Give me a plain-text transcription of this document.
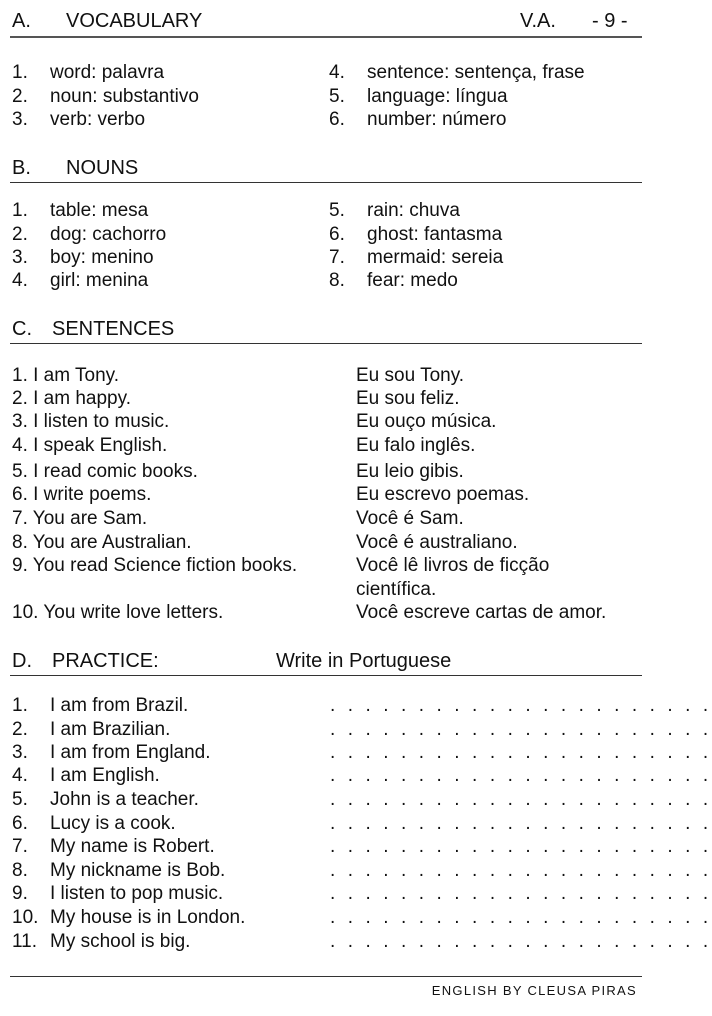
A. VOCABULARY	V.A. - 9 -
1. word: palavra
2. noun: substantivo
3. verb: verbo
4. sentence: sentença, frase
5. language: língua
6. number: número
B. NOUNS
1. table: mesa
2. dog: cachorro
3. boy: menino
4. girl: menina
5. rain: chuva
6. ghost: fantasma
7. mermaid: sereia
8. fear: medo
C. SENTENCES
1. I am Tony.	Eu sou Tony.
2. I am happy.	Eu sou feliz.
3. I listen to music.	Eu ouço música.
4. I speak English.	Eu falo inglês.
5. I read comic books.	Eu leio gibis.
6. I write poems.	Eu escrevo poemas.
7. You are Sam.	Você é Sam.
8. You are Australian.	Você é australiano.
9. You read Science fiction books.	Você lê livros de ficção
científica.
10. You write love letters.	Você escreve cartas de amor.
D. PRACTICE:	Write in Portuguese
1. I am from Brazil.	. . . . . . . . . . . . . . . . . . . . . .
2. I am Brazilian.	. . . . . . . . . . . . . . . . . . . . . .
3. I am from England.	. . . . . . . . . . . . . . . . . . . . . .
4. I am English.	. . . . . . . . . . . . . . . . . . . . . .
5. John is a teacher.	. . . . . . . . . . . . . . . . . . . . . .
6. Lucy is a cook.	. . . . . . . . . . . . . . . . . . . . . .
7. My name is Robert.	. . . . . . . . . . . . . . . . . . . . . .
8. My nickname is Bob.	. . . . . . . . . . . . . . . . . . . . . .
9. I listen to pop music.	. . . . . . . . . . . . . . . . . . . . . .
10. My house is in London.	. . . . . . . . . . . . . . . . . . . . . .
11. My school is big.	. . . . . . . . . . . . . . . . . . . . . .
ENGLISH BY CLEUSA PIRAS
